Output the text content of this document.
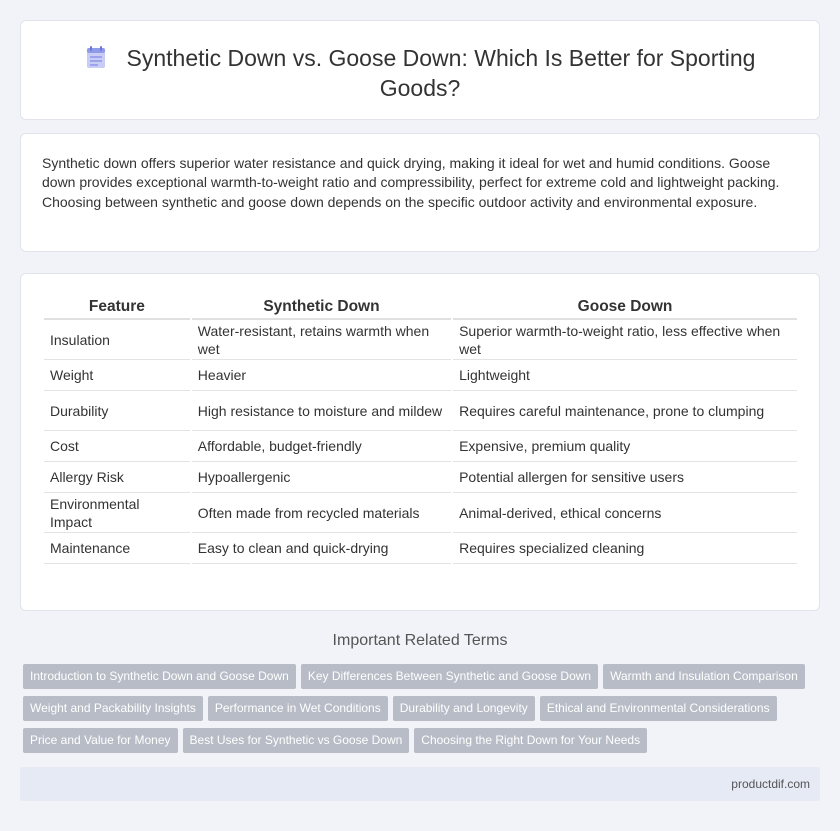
Synthetic Down vs. Goose Down: Which Is Better for Sporting Goods?

Synthetic down offers superior water resistance and quick drying, making it ideal for wet and humid conditions. Goose down provides exceptional warmth-to-weight ratio and compressibility, perfect for extreme cold and lightweight packing. Choosing between synthetic and goose down depends on the specific outdoor activity and environmental exposure.

Feature	Synthetic Down	Goose Down
Insulation	Water-resistant, retains warmth when wet	Superior warmth-to-weight ratio, less effective when wet
Weight	Heavier	Lightweight
Durability	High resistance to moisture and mildew	Requires careful maintenance, prone to clumping
Cost	Affordable, budget-friendly	Expensive, premium quality
Allergy Risk	Hypoallergenic	Potential allergen for sensitive users
Environmental Impact	Often made from recycled materials	Animal-derived, ethical concerns
Maintenance	Easy to clean and quick-drying	Requires specialized cleaning
Important Related Terms
Introduction to Synthetic Down and Goose Down Key Differences Between Synthetic and Goose Down Warmth and Insulation Comparison
Weight and Packability Insights Performance in Wet Conditions Durability and Longevity Ethical and Environmental Considerations
Price and Value for Money Best Uses for Synthetic vs Goose Down Choosing the Right Down for Your Needs
productdif.com
